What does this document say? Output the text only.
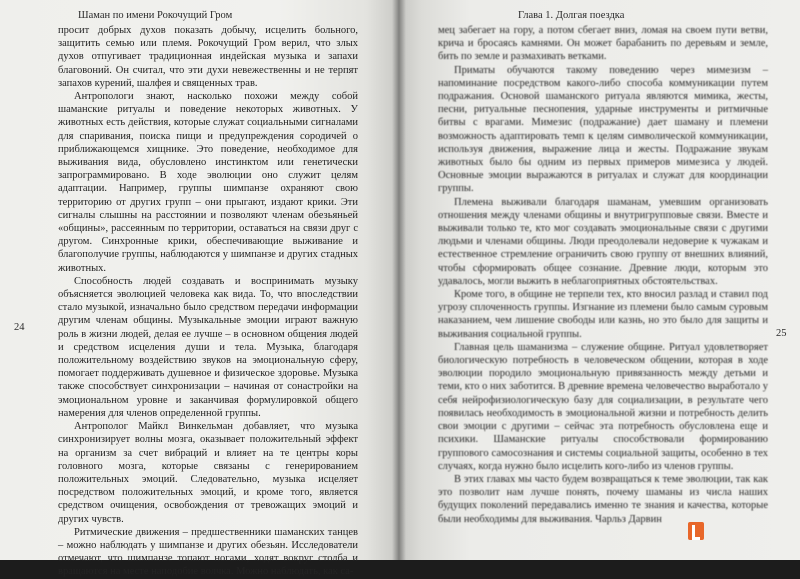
Шаман по имени Рокочущий Гром
24

просит добрых духов показать добычу, исцелить больного, защитить семью или племя. Рокочущий Гром верил, что злых духов отпугивает традиционная индейская музыка и запахи благовоний. Он считал, что эти духи невежественны и не терпят запахов курений, шалфея и священных трав.

Антропологи знают, насколько похожи между собой шаманские ритуалы и поведение некоторых животных. У животных есть действия, которые служат социальными сигналами для спаривания, поиска пищи и предупреждения сородичей о приближающемся хищнике. Это поведение, необходимое для выживания вида, обусловлено инстинктом или генетически запрограммировано. В ходе эволюции оно служит целям адаптации. Например, группы шимпанзе охраняют свою территорию от других групп – они прыгают, издают крики. Эти сигналы слышны на расстоянии и позволяют членам обезьяньей «общины», рассеянным по территории, оставаться на связи друг с другом. Синхронные крики, обеспечивающие выживание и благополучие группы, наблюдаются у шимпанзе и других стадных животных.

Способность людей создавать и воспринимать музыку объясняется эволюцией человека как вида. То, что впоследствии стало музыкой, изначально было средством передачи информации другим членам общины. Музыкальные эмоции играют важную роль в жизни людей, делая ее лучше – в основном общения людей и средством исцеления души и тела. Музыка, благодаря положительному воздействию звуков на эмоциональную сферу, помогает поддерживать душевное и физическое здоровье. Музыка также способствует синхронизации – начиная от сонастройки на эмоциональном уровне и заканчивая формулировкой общего намерения для членов определенной группы.

Антрополог Майкл Винкельман добавляет, что музыка синхронизирует волны мозга, оказывает положительный эффект на организм за счет вибраций и влияет на те центры коры головного мозга, которые связаны с генерированием положительных эмоций. Следовательно, музыка исцеляет посредством положительных эмоций, и кроме того, является средством очищения, освобождения от тревожащих эмоций и других чувств.

Ритмические движения – предшественники шаманских танцев – можно наблюдать у шимпанзе и других обезьян. Исследователи отмечают, что шимпанзе топают ногами, ходят вокруг столба и вращаются на месте наподобие волчка. Можно наблюдать, как са-

Глава 1. Долгая поездка
25

мец забегает на гору, а потом сбегает вниз, ломая на своем пути ветви, крича и бросаясь камнями. Он может барабанить по деревьям и земле, бить по земле и размахивать ветками.

Приматы обучаются такому поведению через мимезизм – напоминание посредством какого-либо способа коммуникации путем подражания. Основой шаманского ритуала являются мимика, жесты, песни, ритуальные песнопения, ударные инструменты и ритмичные битвы с врагами. Мимезис (подражание) дает шаману и племени возможность адаптировать темп к целям символической коммуникации, используя движения, выражение лица и жесты. Подражание звукам животных было бы одним из первых примеров мимезиса у людей. Основные эмоции выражаются в ритуалах и служат для координации группы.

Племена выживали благодаря шаманам, умевшим организовать отношения между членами общины и внутригрупповые связи. Вместе и выживали только те, кто мог создавать эмоциональные связи с другими людьми и членами общины. Люди преодолевали недоверие к чужакам и естественное стремление ограничить свою группу от внешних влияний, чтобы сформировать общее сознание. Древние люди, которым это удавалось, могли выжить в неблагоприятных обстоятельствах.

Кроме того, в общине не терпели тех, кто вносил разлад и ставил под угрозу сплоченность группы. Изгнание из племени было самым суровым наказанием, чем лишение свободы или казнь, но это было для защиты и выживания социальной группы.

Главная цель шаманизма – служение общине. Ритуал удовлетворяет биологическую потребность в человеческом общении, которая в ходе эволюции породило эмоциональную привязанность между детьми и теми, кто о них заботится. В древние времена человечество выработало у себя нейрофизиологическую базу для социализации, в результате чего появилась необходимость в эмоциональной жизни и потребность делить свои эмоции с другими – сейчас эта потребность обусловлена еще и психики. Шаманские ритуалы способствовали формированию группового самосознания и системы социальной защиты, особенно в тех случаях, когда нужно было исцелить кого-либо из членов группы.

В этих главах мы часто будем возвращаться к теме эволюции, так как это позволит нам лучше понять, почему шаманы из числа наших будущих поколений передавались именно те знания и качества, которые были необходимы для выживания. Чарльз Дарвин
